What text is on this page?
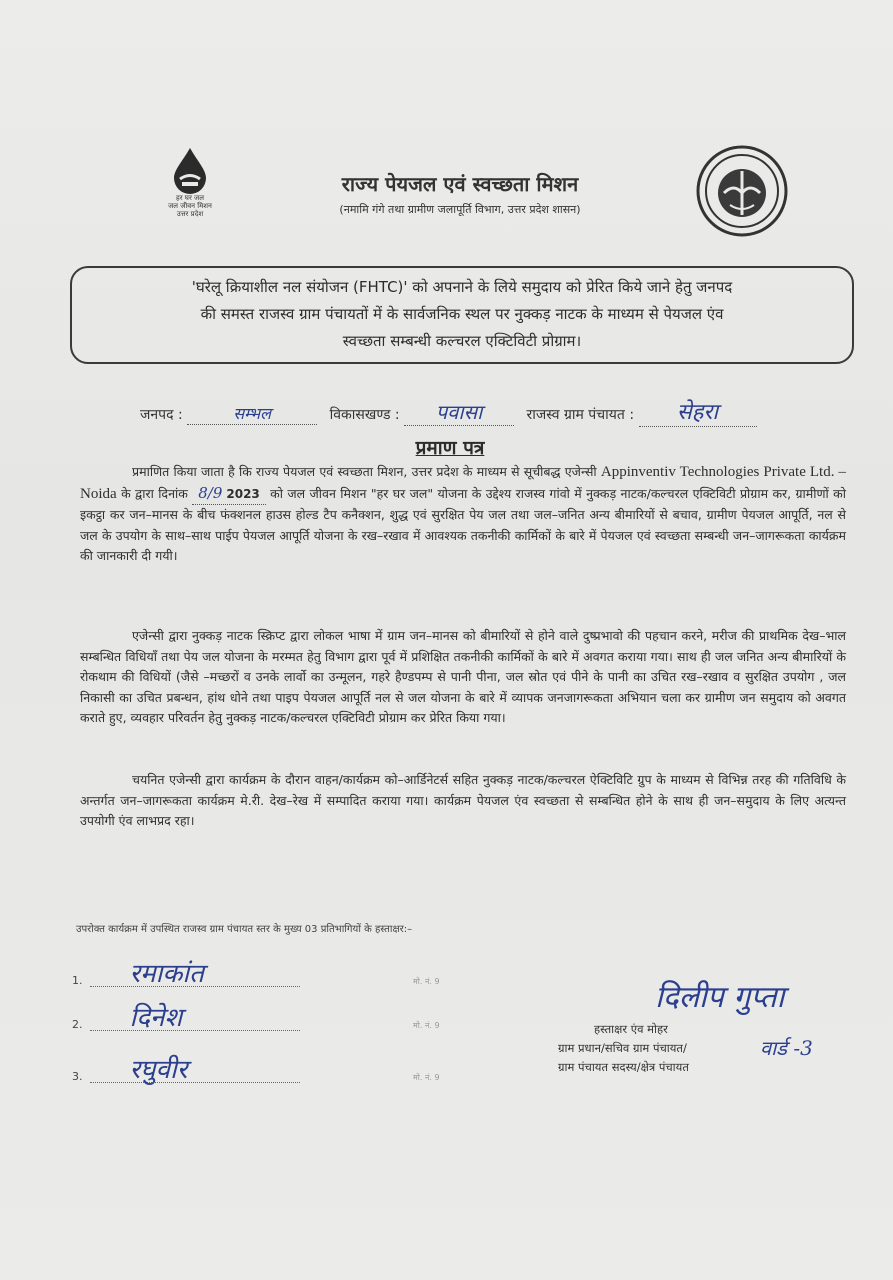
हर घर जल
जल जीवन मिशन
उत्तर प्रदेश
राज्य पेयजल एवं स्वच्छता मिशन
(नमामि गंगे तथा ग्रामीण जलापूर्ति विभाग, उत्तर प्रदेश शासन)
'घरेलू क्रियाशील नल संयोजन (FHTC)' को अपनाने के लिये समुदाय को प्रेरित किये जाने हेतु जनपद
की समस्त राजस्व ग्राम पंचायतों में के सार्वजनिक स्थल पर नुक्कड़ नाटक के माध्यम से पेयजल एंव
स्वच्छता सम्बन्धी कल्चरल एक्टिविटी प्रोग्राम।
जनपद :	सम्भल	विकासखण्ड : पवासा	राजस्व ग्राम पंचायत : सेहरा
प्रमाण पत्र
प्रमाणित किया जाता है कि राज्य पेयजल एवं स्वच्छता मिशन, उत्तर प्रदेश के माध्यम से सूचीबद्ध एजेन्सी Appinventiv Technologies Private Ltd. – Noida के द्वारा दिनांक 8/9 2023 को जल जीवन मिशन "हर घर जल" योजना के उद्देश्य राजस्व गांवो में नुक्कड़ नाटक/कल्चरल एक्टिविटी प्रोग्राम कर, ग्रामीणों को इकट्ठा कर जन–मानस के बीच फंक्शनल हाउस होल्ड टैप कनैक्शन, शुद्ध एवं सुरक्षित पेय जल तथा जल–जनित अन्य बीमारियों से बचाव, ग्रामीण पेयजल आपूर्ति, नल से जल के उपयोग के साथ–साथ पाईप पेयजल आपूर्ति योजना के रख–रखाव में आवश्यक तकनीकी कार्मिकों के बारे में पेयजल एवं स्वच्छता सम्बन्धी जन–जागरूकता कार्यक्रम की जानकारी दी गयी।
एजेन्सी द्वारा नुक्कड़ नाटक स्क्रिप्ट द्वारा लोकल भाषा में ग्राम जन–मानस को बीमारियों से होने वाले दुष्प्रभावो की पहचान करने, मरीज की प्राथमिक देख–भाल सम्बन्धित विधियॉं तथा पेय जल योजना के मरम्मत हेतु विभाग द्वारा पूर्व में प्रशिक्षित तकनीकी कार्मिकों के बारे में अवगत कराया गया। साथ ही जल जनित अन्य बीमारियों के रोकथाम की विधियों (जैसे –मच्छरों व उनके लार्वो का उन्मूलन, गहरे हैण्डपम्प से पानी पीना, जल स्रोत एवं पीने के पानी का उचित रख–रखाव व सुरक्षित उपयोग , जल निकासी का उचित प्रबन्धन, हांथ धोने तथा पाइप पेयजल आपूर्ति नल से जल योजना के बारे में व्यापक जनजागरूकता अभियान चला कर ग्रामीण जन समुदाय को अवगत कराते हुए, व्यवहार परिवर्तन हेतु नुक्कड़ नाटक/कल्चरल एक्टिविटी प्रोग्राम कर प्रेरित किया गया।
चयनित एजेन्सी द्वारा कार्यक्रम के दौरान वाहन/कार्यक्रम को–आर्डिनेटर्स सहित नुक्कड़ नाटक/कल्चरल ऐक्टिविटि ग्रुप के माध्यम से विभिन्न तरह की गतिविधि के अन्तर्गत जन–जागरूकता कार्यक्रम मे.री. देख–रेख में सम्पादित कराया गया। कार्यक्रम पेयजल एंव स्वच्छता से सम्बन्धित होने के साथ ही जन–समुदाय के लिए अत्यन्त उपयोगी एंव लाभप्रद रहा।
उपरोक्त कार्यक्रम में उपस्थित राजस्व ग्राम पंचायत स्तर के मुख्य 03 प्रतिभागियों के हस्ताक्षर:–
1. रमाकांत	मो. नं. 9
2. दिनेश	मो. नं. 9
3. रघुवीर	मो. नं. 9
दिलीप गुप्ता
हस्ताक्षर एंव मोहर
ग्राम प्रधान/सचिव ग्राम पंचायत/
ग्राम पंचायत सदस्य/क्षेत्र पंचायत
वार्ड -3
